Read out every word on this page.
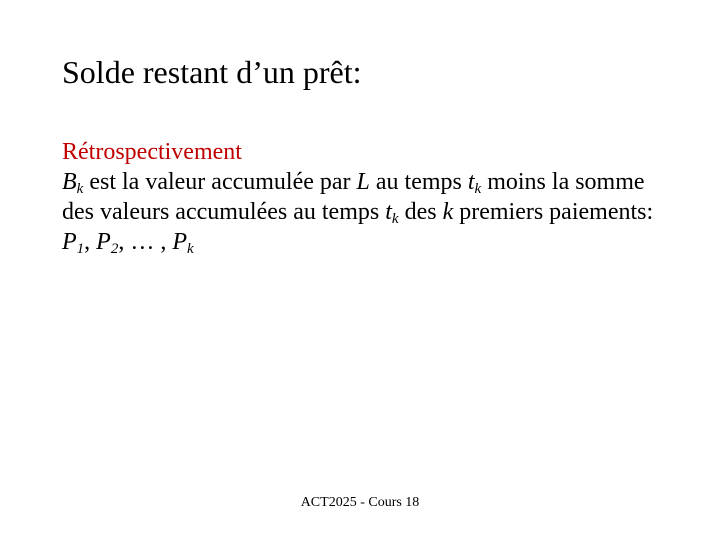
Solde restant d’un prêt:
Rétrospectivement
$B_k$ est la valeur accumulée par L au temps $t_k$ moins la somme
des valeurs accumulées au temps $t_k$ des k premiers paiements:
$P_1$, $P_2$, … , $P_k$
ACT2025 - Cours 18
